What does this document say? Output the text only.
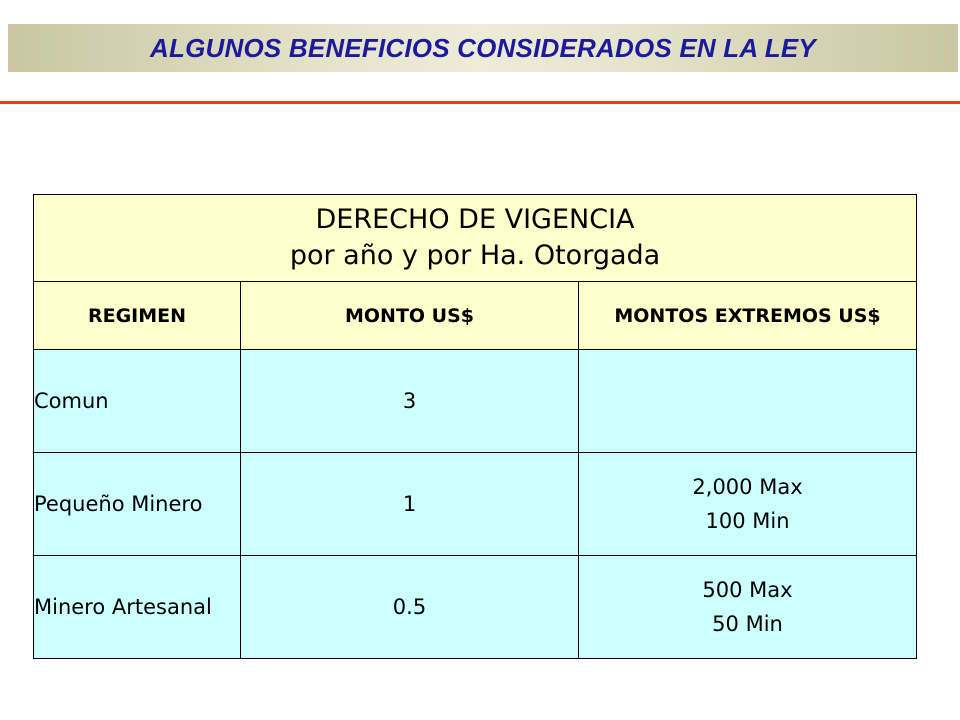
ALGUNOS BENEFICIOS CONSIDERADOS EN LA LEY
DERECHO DE VIGENCIA
por año y por Ha. Otorgada		

REGIMEN	MONTO US$	MONTOS EXTREMOS US$
Comun	3	

Pequeño Minero	1	2,000 Max
100 Min

Minero Artesanal	0.5	500 Max
50 Min
